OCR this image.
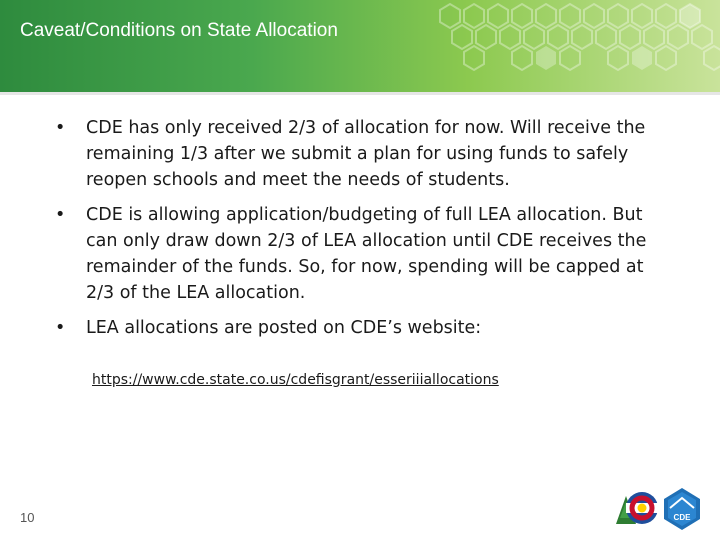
Caveat/Conditions on State Allocation
• CDE has only received 2/3 of allocation for now. Will receive the remaining 1/3 after we submit a plan for using funds to safely reopen schools and meet the needs of students.
• CDE is allowing application/budgeting of full LEA allocation. But can only draw down 2/3 of LEA allocation until CDE receives the remainder of the funds. So, for now, spending will be capped at 2/3 of the LEA allocation.
• LEA allocations are posted on CDE’s website:
https://www.cde.state.co.us/cdefisgrant/esseriiiallocations
10	CDE
